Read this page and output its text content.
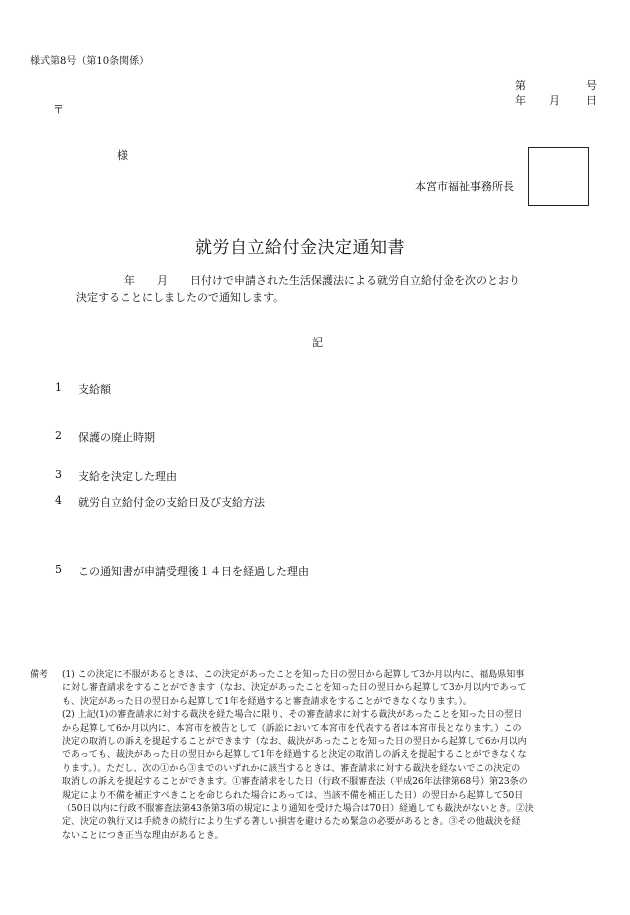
様式第8号（第10条関係）
第	号
年 月 日
〒
様
本宮市福祉事務所長
就労自立給付金決定通知書
年　　月　　日付けで申請された生活保護法による就労自立給付金を次のとおり
決定することにしましたので通知します。
記
1 支給額
2 保護の廃止時期
3 支給を決定した理由
4 就労自立給付金の支給日及び支給方法
5 この通知書が申請受理後１４日を経過した理由
備考 (1) この決定に不服があるときは、この決定があったことを知った日の翌日から起算して3か月以内に、福島県知事

に対し審査請求をすることができます（なお、決定があったことを知った日の翌日から起算して3か月以内であって

も、決定があった日の翌日から起算して1年を経過すると審査請求をすることができなくなります。）。

(2) 上記(1)の審査請求に対する裁決を経た場合に限り、その審査請求に対する裁決があったことを知った日の翌日

から起算して6か月以内に、本宮市を被告として（訴訟において本宮市を代表する者は本宮市長となります。）この

決定の取消しの訴えを提起することができます（なお、裁決があったことを知った日の翌日から起算して6か月以内

であっても、裁決があった日の翌日から起算して1年を経過すると決定の取消しの訴えを提起することができなくな

ります。）。ただし、次の①から③までのいずれかに該当するときは、審査請求に対する裁決を経ないでこの決定の

取消しの訴えを提起することができます。①審査請求をした日（行政不服審査法（平成26年法律第68号）第23条の

規定により不備を補正すべきことを命じられた場合にあっては、当該不備を補正した日）の翌日から起算して50日

（50日以内に行政不服審査法第43条第3項の規定により通知を受けた場合は70日）経過しても裁決がないとき。②決

定、決定の執行又は手続きの続行により生ずる著しい損害を避けるため緊急の必要があるとき。③その他裁決を経

ないことにつき正当な理由があるとき。
